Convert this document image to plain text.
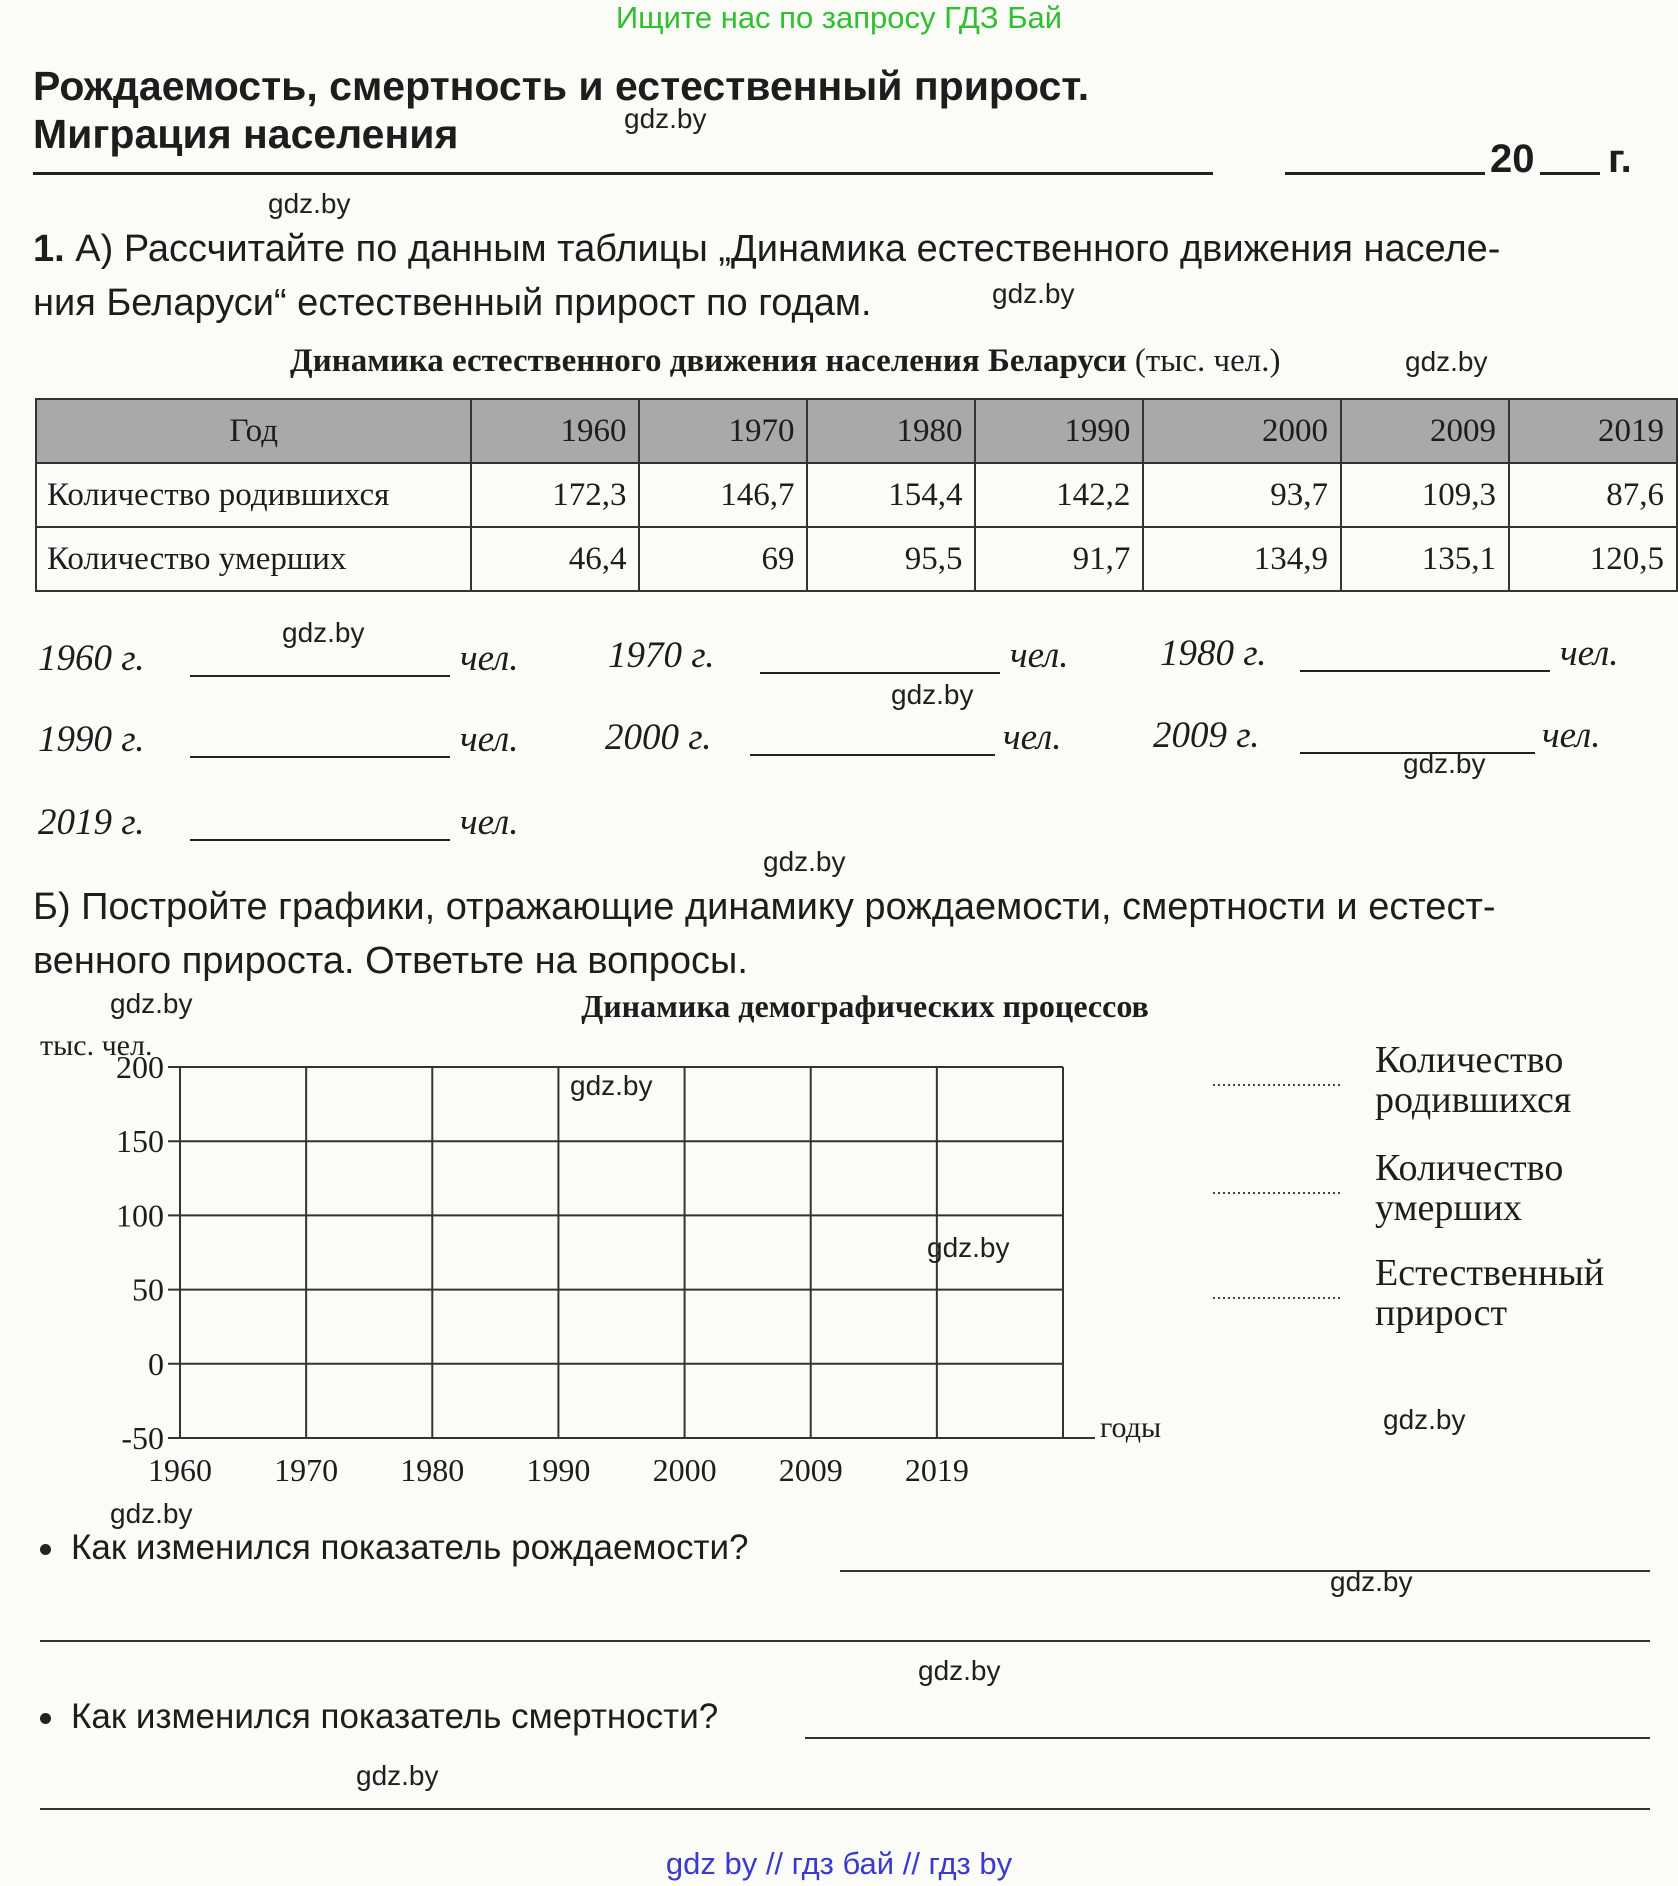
Ищите нас по запросу ГДЗ Бай
Рождаемость, смертность и естественный прирост.
Миграция населения
20 г.
1. А) Рассчитайте по данным таблицы „Динамика естественного движения населе-
ния Беларуси“ естественный прирост по годам.
Динамика естественного движения населения Беларуси (тыс. чел.)
Год	1960	1970	1980	1990	2000	2009	2019
Количество родившихся	172,3	146,7	154,4	142,2	93,7	109,3	87,6
Количество умерших	46,4	69	95,5	91,7	134,9	135,1	120,5
1960 г.	чел. 1970 г.	чел. 1980 г.	чел.
1990 г.	чел. 2000 г.	чел. 2009 г.	чел.
2019 г.	чел.
Б) Постройте графики, отражающие динамику рождаемости, смертности и естест-
венного прироста. Ответьте на вопросы.
Динамика демографических процессов
тыс. чел.
200
150
100
50
0
-50
1960 1970 1980 1990 2000 2009 2019
годы
Количество родившихся
Количество умерших
Естественный прирост
Как изменился показатель рождаемости?
Как изменился показатель смертности?
gdz.by
gdz.by
gdz.by
gdz.by
gdz.by
gdz.by
gdz.by
gdz.by
gdz.by
gdz.by
gdz.by
gdz.by
gdz.by
gdz.by
gdz.by
gdz.by
gdz by // гдз бай // гдз by
